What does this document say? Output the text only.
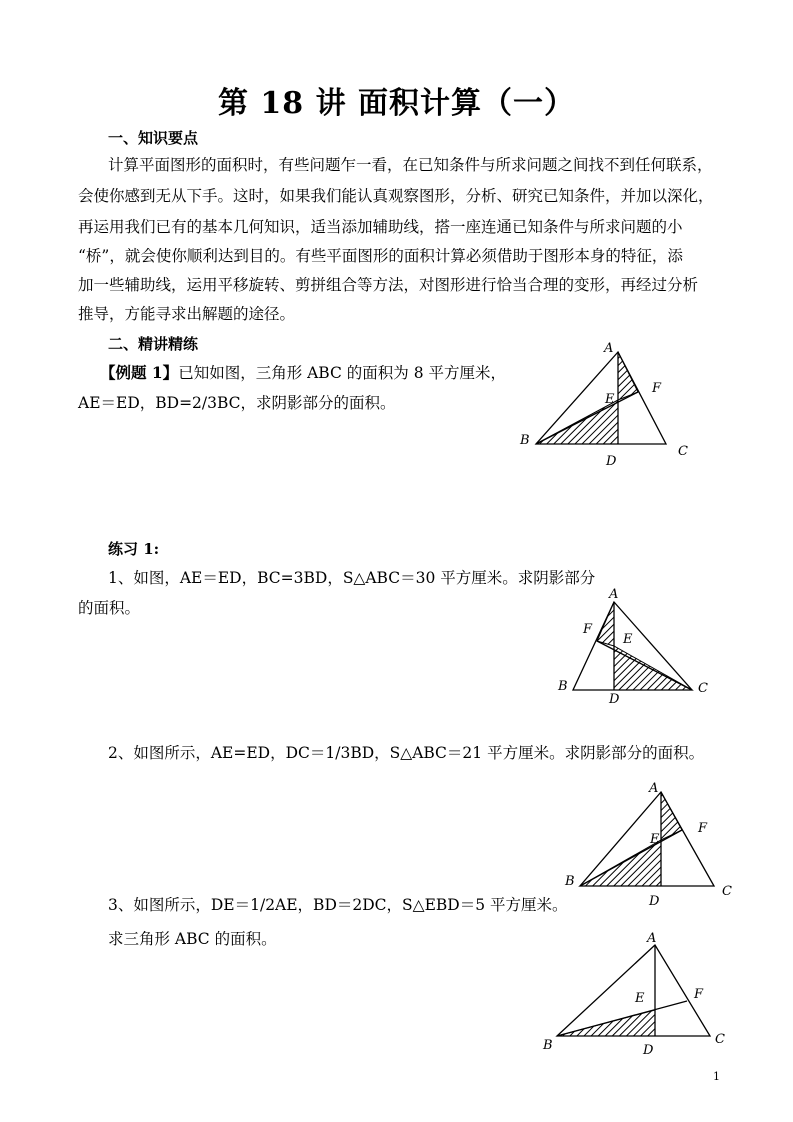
第 18 讲 面积计算（一）
一、知识要点
计算平面图形的面积时，有些问题乍一看，在已知条件与所求问题之间找不到任何联系，
会使你感到无从下手。这时，如果我们能认真观察图形，分析、研究已知条件，并加以深化，
再运用我们已有的基本几何知识，适当添加辅助线，搭一座连通已知条件与所求问题的小
“桥”，就会使你顺利达到目的。有些平面图形的面积计算必须借助于图形本身的特征，添
加一些辅助线，运用平移旋转、剪拼组合等方法，对图形进行恰当合理的变形，再经过分析
推导，方能寻求出解题的途径。
二、精讲精练
【例题 1】已知如图，三角形 ABC 的面积为 8 平方厘米，
AE＝ED，BD=2/3BC，求阴影部分的面积。
练习 1:
1、如图，AE＝ED，BC=3BD，S△ABC＝30 平方厘米。求阴影部分
的面积。
2、如图所示，AE=ED，DC＝1/3BD，S△ABC＝21 平方厘米。求阴影部分的面积。
3、如图所示，DE＝1/2AE，BD＝2DC，S△EBD＝5 平方厘米。
求三角形 ABC 的面积。
A
B
C
D
E
F
A
B	C
D
E
F
A
B
C
D
E
F
A
B	C
D
E	F
1
